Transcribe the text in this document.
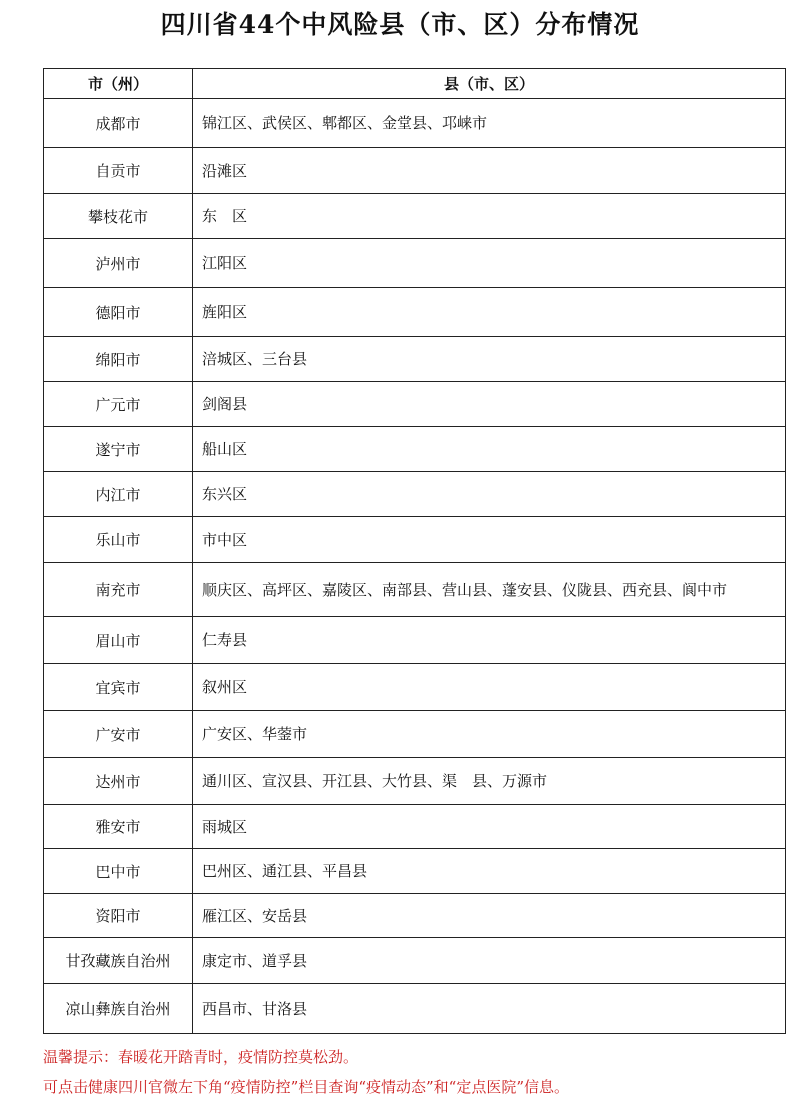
四川省44个中风险县（市、区）分布情况
市（州）	县（市、区）
成都市	锦江区、武侯区、郫都区、金堂县、邛崃市
自贡市	沿滩区
攀枝花市	东　区
泸州市	江阳区
德阳市	旌阳区
绵阳市	涪城区、三台县
广元市	剑阁县
遂宁市	船山区
内江市	东兴区
乐山市	市中区
南充市	顺庆区、高坪区、嘉陵区、南部县、营山县、蓬安县、仪陇县、西充县、阆中市
眉山市	仁寿县
宜宾市	叙州区
广安市	广安区、华蓥市
达州市	通川区、宣汉县、开江县、大竹县、渠　县、万源市
雅安市	雨城区
巴中市	巴州区、通江县、平昌县
资阳市	雁江区、安岳县
甘孜藏族自治州	康定市、道孚县
凉山彝族自治州	西昌市、甘洛县
温馨提示：春暖花开踏青时，疫情防控莫松劲。
可点击健康四川官微左下角“疫情防控”栏目查询“疫情动态”和“定点医院”信息。
